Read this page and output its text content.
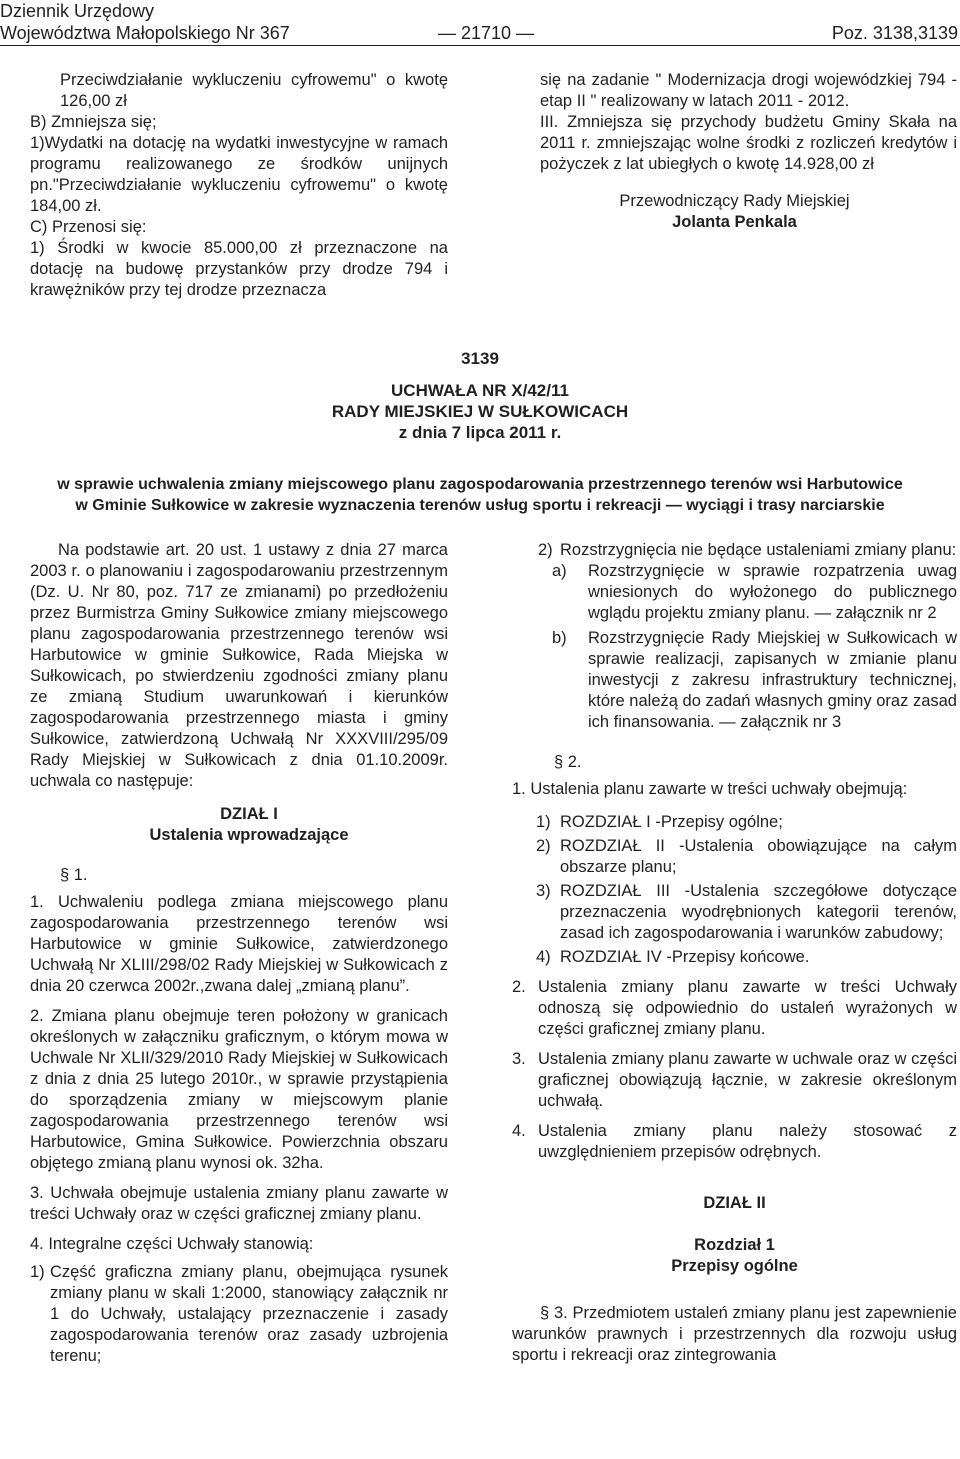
Dziennik Urzędowy
Województwa Małopolskiego Nr 367	— 21710 —	Poz. 3138,3139

Przeciwdziałanie wykluczeniu cyfrowemu" o kwotę 126,00 zł

B) Zmniejsza się;

1)Wydatki na dotację na wydatki inwestycyjne w ramach programu realizowanego ze środków unijnych pn."Przeciwdziałanie wykluczeniu cyfrowemu" o kwotę 184,00 zł.

C) Przenosi się:

1) Środki w kwocie 85.000,00 zł przeznaczone na dotację na budowę przystanków przy drodze 794 i krawężników przy tej drodze przeznacza

się na zadanie " Modernizacja drogi wojewódzkiej 794 - etap II " realizowany w latach 2011 - 2012.

III. Zmniejsza się przychody budżetu Gminy Skała na 2011 r. zmniejszając wolne środki z rozliczeń kredytów i pożyczek z lat ubiegłych o kwotę 14.928,00 zł

Przewodniczący Rady Miejskiej
Jolanta Penkala
3139
UCHWAŁA NR X/42/11
RADY MIEJSKIEJ W SUŁKOWICACH
z dnia 7 lipca 2011 r.
w sprawie uchwalenia zmiany miejscowego planu zagospodarowania przestrzennego terenów wsi Harbutowice
w Gminie Sułkowice w zakresie wyznaczenia terenów usług sportu i rekreacji — wyciągi i trasy narciarskie

Na podstawie art. 20 ust. 1 ustawy z dnia 27 marca 2003 r. o planowaniu i zagospodarowaniu przestrzennym (Dz. U. Nr 80, poz. 717 ze zmianami) po przedłożeniu przez Burmistrza Gminy Sułkowice zmiany miejscowego planu zagospodarowania przestrzennego terenów wsi Harbutowice w gminie Sułkowice, Rada Miejska w Sułkowicach, po stwierdzeniu zgodności zmiany planu ze zmianą Studium uwarunkowań i kierunków zagospodarowania przestrzennego miasta i gminy Sułkowice, zatwierdzoną Uchwałą Nr XXXVIII/295/09 Rady Miejskiej w Sułkowicach z dnia 01.10.2009r. uchwala co następuje:

DZIAŁ I
Ustalenia wprowadzające
§ 1.

1. Uchwaleniu podlega zmiana miejscowego planu zagospodarowania przestrzennego terenów wsi Harbutowice w gminie Sułkowice, zatwierdzonego Uchwałą Nr XLIII/298/02 Rady Miejskiej w Sułkowicach z dnia 20 czerwca 2002r.,zwana dalej „zmianą planu”.

2. Zmiana planu obejmuje teren położony w granicach określonych w załączniku graficznym, o którym mowa w Uchwale Nr XLII/329/2010 Rady Miejskiej w Sułkowicach z dnia z dnia 25 lutego 2010r., w sprawie przystąpienia do sporządzenia zmiany w miejscowym planie zagospodarowania przestrzennego terenów wsi Harbutowice, Gmina Sułkowice. Powierzchnia obszaru objętego zmianą planu wynosi ok. 32ha.

3. Uchwała obejmuje ustalenia zmiany planu zawarte w treści Uchwały oraz w części graficznej zmiany planu.

4. Integralne części Uchwały stanowią:

1) Część graficzna zmiany planu, obejmująca rysunek zmiany planu w skali 1:2000, stanowiący załącznik nr 1 do Uchwały, ustalający przeznaczenie i zasady zagospodarowania terenów oraz zasady uzbrojenia terenu;
2) Rozstrzygnięcia nie będące ustaleniami zmiany planu:
a)	Rozstrzygnięcie w sprawie rozpatrzenia uwag wniesionych do wyłożonego do publicznego wglądu projektu zmiany planu. — załącznik nr 2
b)	Rozstrzygnięcie Rady Miejskiej w Sułkowicach w sprawie realizacji, zapisanych w zmianie planu inwestycji z zakresu infrastruktury technicznej, które należą do zadań własnych gminy oraz zasad ich finansowania. — załącznik nr 3
§ 2.

1. Ustalenia planu zawarte w treści uchwały obejmują:

1) ROZDZIAŁ I -Przepisy ogólne;
2) ROZDZIAŁ II -Ustalenia obowiązujące na całym obszarze planu;
3) ROZDZIAŁ III -Ustalenia szczegółowe dotyczące przeznaczenia wyodrębnionych kategorii terenów, zasad ich zagospodarowania i warunków zabudowy;
4) ROZDZIAŁ IV -Przepisy końcowe.
2. Ustalenia zmiany planu zawarte w treści Uchwały odnoszą się odpowiednio do ustaleń wyrażonych w części graficznej zmiany planu.
3. Ustalenia zmiany planu zawarte w uchwale oraz w części graficznej obowiązują łącznie, w zakresie określonym uchwałą.
4. Ustalenia zmiany planu należy stosować z uwzględnieniem przepisów odrębnych.
DZIAŁ II
Rozdział 1
Przepisy ogólne

§ 3. Przedmiotem ustaleń zmiany planu jest zapewnienie warunków prawnych i przestrzennych dla rozwoju usług sportu i rekreacji oraz zintegrowania
